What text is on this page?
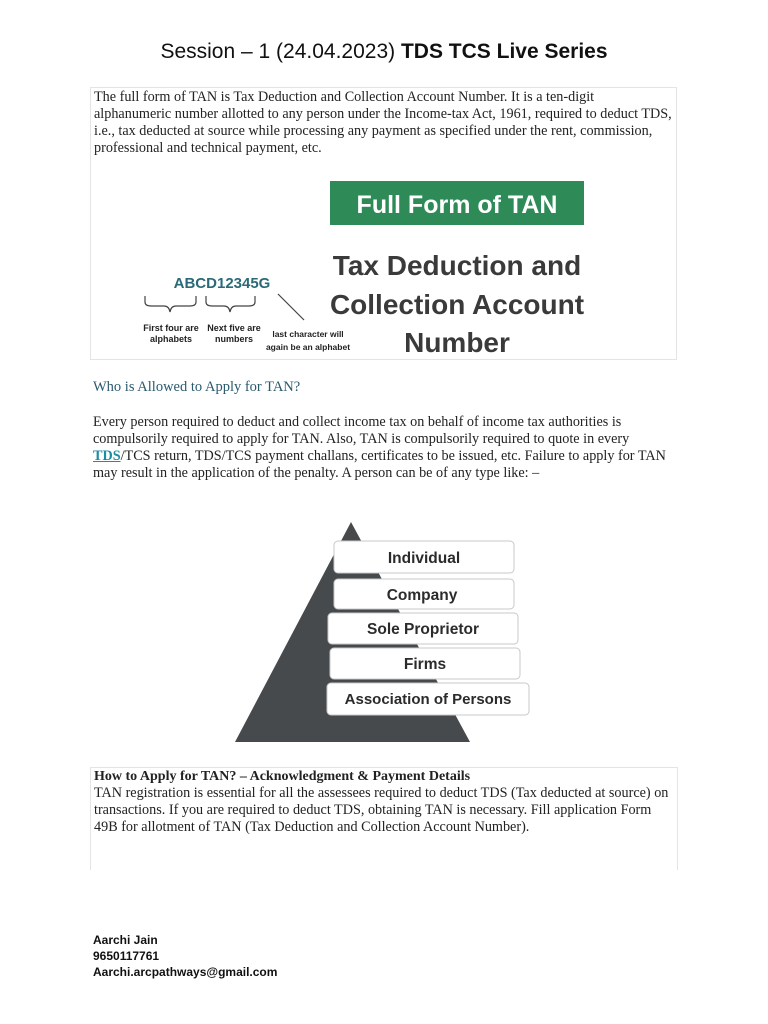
Session – 1 (24.04.2023) TDS TCS Live Series

The full form of TAN is Tax Deduction and Collection Account Number. It is a ten-digit alphanumeric number allotted to any person under the Income-tax Act, 1961, required to deduct TDS, i.e., tax deducted at source while processing any payment as specified under the rent, commission, professional and technical payment, etc.

Full Form of TAN
Tax Deduction and
Collection Account
Number
ABCD12345G
First four are alphabets
Next five are numbers	last character will again be an alphabet
Who is Allowed to Apply for TAN?

Every person required to deduct and collect income tax on behalf of income tax authorities is compulsorily required to apply for TAN. Also, TAN is compulsorily required to quote in every TDS/TCS return, TDS/TCS payment challans, certificates to be issued, etc. Failure to apply for TAN may result in the application of the penalty. A person can be of any type like: –

Individual
Company
Sole Proprietor
Firms
Association of Persons
How to Apply for TAN? – Acknowledgment & Payment Details

TAN registration is essential for all the assessees required to deduct TDS (Tax deducted at source) on transactions. If you are required to deduct TDS, obtaining TAN is necessary. Fill application Form 49B for allotment of TAN (Tax Deduction and Collection Account Number).

Aarchi Jain
9650117761
Aarchi.arcpathways@gmail.com
